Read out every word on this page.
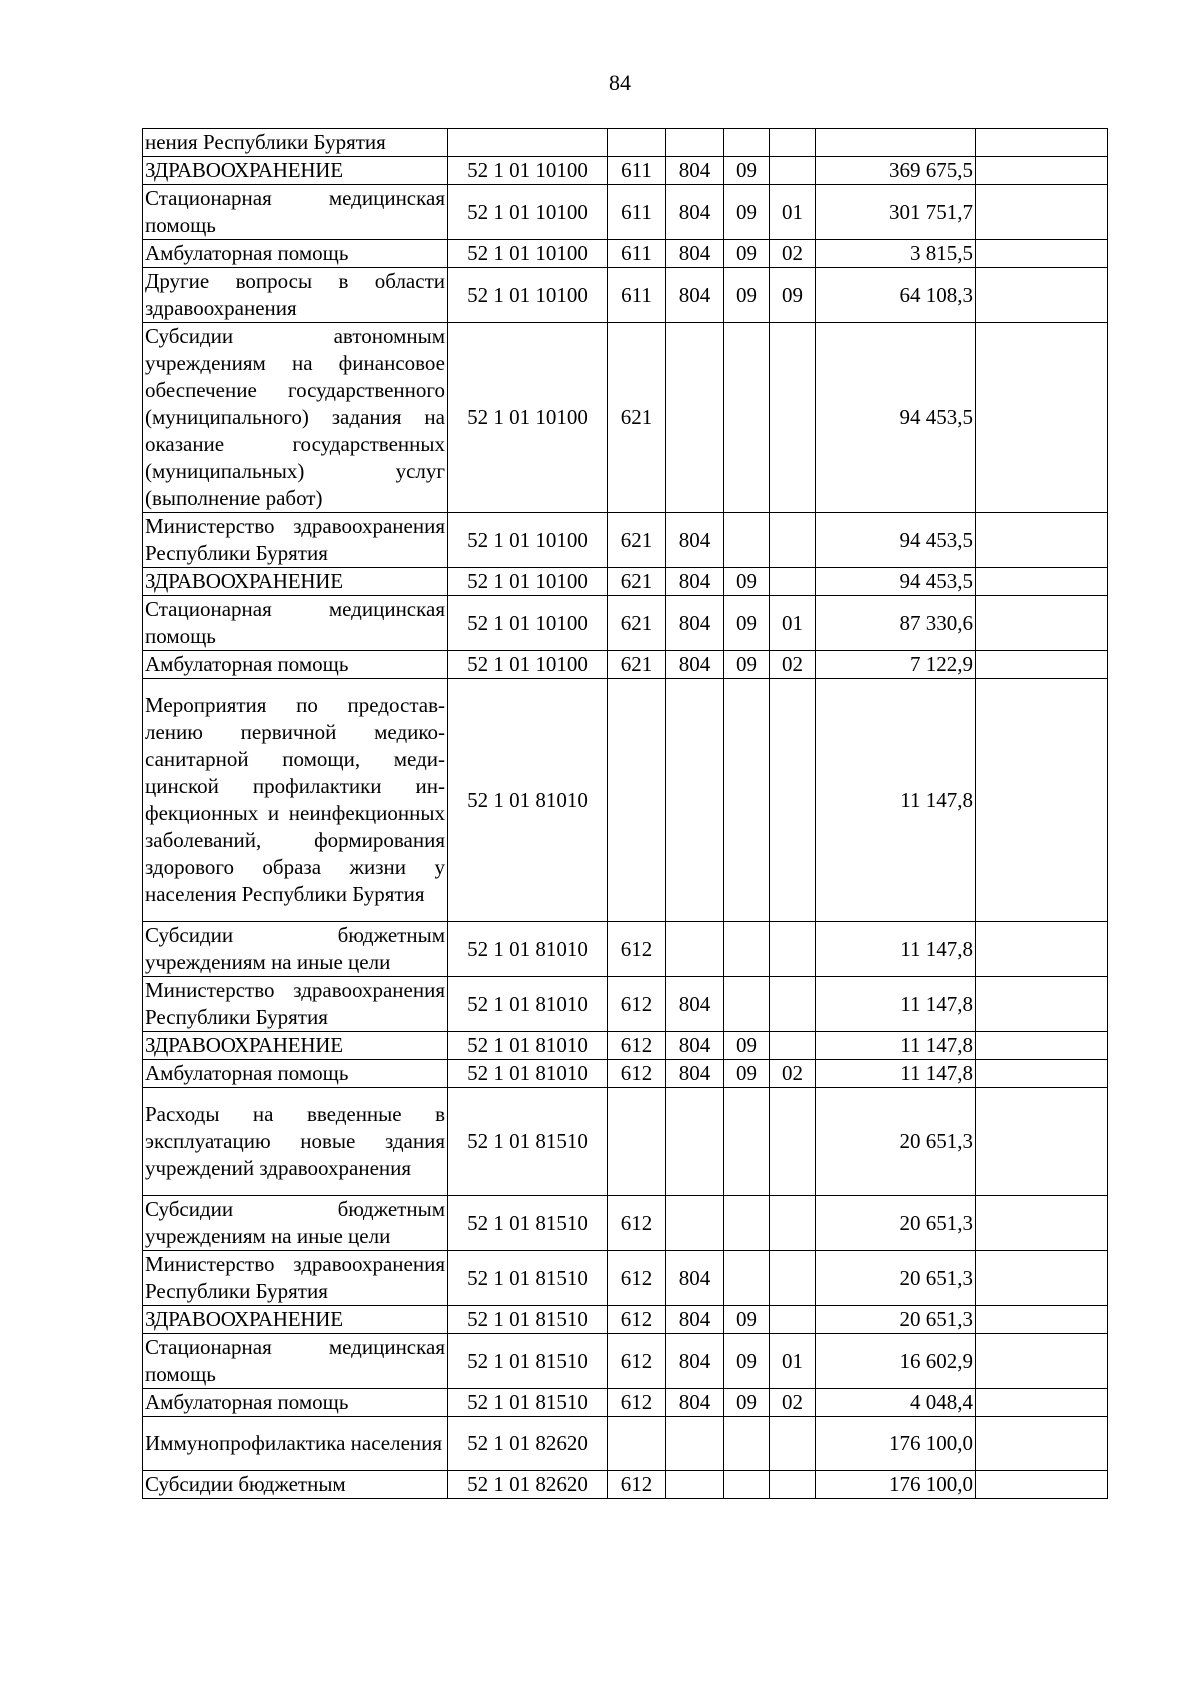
84
нения Республики Бурятия							
ЗДРАВООХРАНЕНИЕ	52 1 01 10100	611	804	09		369 675,5	
Стационарная медицинская помощь	52 1 01 10100	611	804	09	01	301 751,7	
Амбулаторная помощь	52 1 01 10100	611	804	09	02	3 815,5	
Другие вопросы в области здравоохранения	52 1 01 10100	611	804	09	09	64 108,3	
Субсидии автономным учреждениям на финансовое обеспечение государственного (муниципального) задания на оказание государственных (муниципальных) услуг (выполнение работ)	52 1 01 10100	621				94 453,5	
Министерство здравоохранения Республики Бурятия	52 1 01 10100	621	804			94 453,5	
ЗДРАВООХРАНЕНИЕ	52 1 01 10100	621	804	09		94 453,5	
Стационарная медицинская помощь	52 1 01 10100	621	804	09	01	87 330,6	
Амбулаторная помощь	52 1 01 10100	621	804	09	02	7 122,9	
Мероприятия по предоставлению первичной медико-санитарной помощи, медицинской профилактики инфекционных и неинфекционных заболеваний, формирования здорового образа жизни у населения Республики Бурятия	52 1 01 81010					11 147,8	
Субсидии бюджетным учреждениям на иные цели	52 1 01 81010	612				11 147,8	
Министерство здравоохранения Республики Бурятия	52 1 01 81010	612	804			11 147,8	
ЗДРАВООХРАНЕНИЕ	52 1 01 81010	612	804	09		11 147,8	
Амбулаторная помощь	52 1 01 81010	612	804	09	02	11 147,8	
Расходы на введенные в эксплуатацию новые здания учреждений здравоохранения	52 1 01 81510					20 651,3	
Субсидии бюджетным учреждениям на иные цели	52 1 01 81510	612				20 651,3	
Министерство здравоохранения Республики Бурятия	52 1 01 81510	612	804			20 651,3	
ЗДРАВООХРАНЕНИЕ	52 1 01 81510	612	804	09		20 651,3	
Стационарная медицинская помощь	52 1 01 81510	612	804	09	01	16 602,9	
Амбулаторная помощь	52 1 01 81510	612	804	09	02	4 048,4	
Иммунопрофилактика населения	52 1 01 82620					176 100,0	
Субсидии бюджетным	52 1 01 82620	612				176 100,0	
